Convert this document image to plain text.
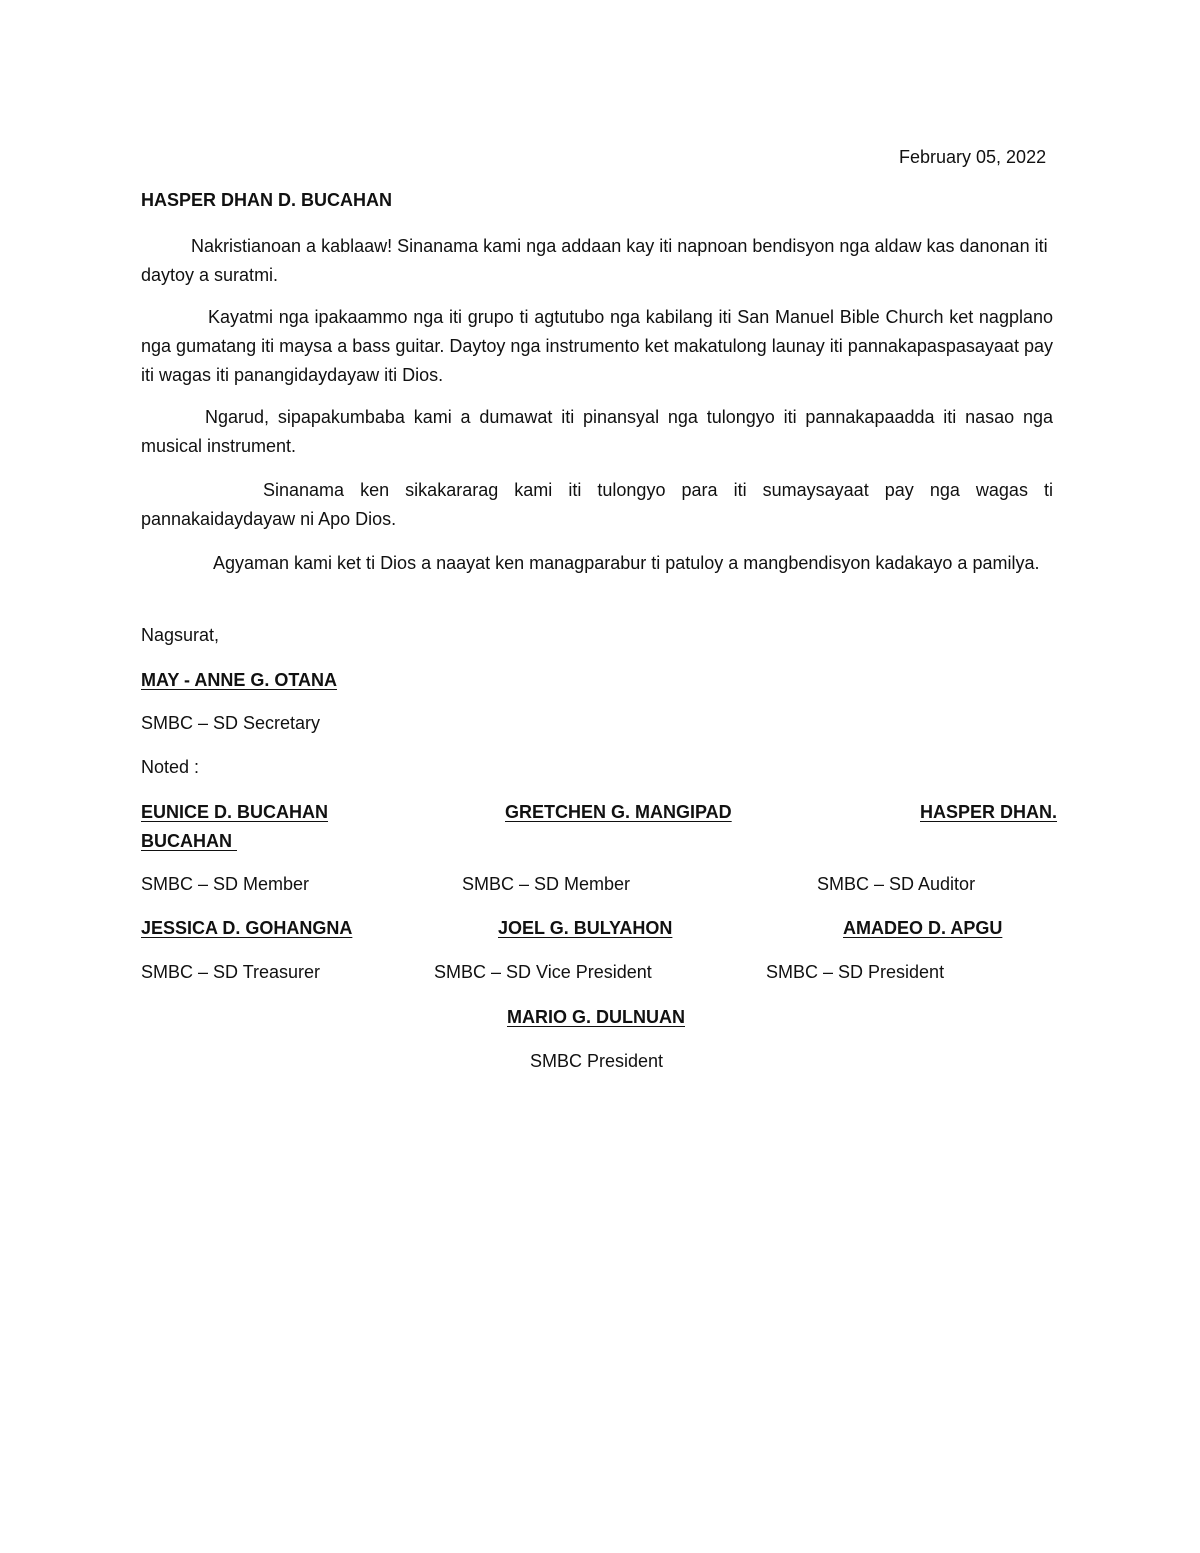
February 05, 2022
HASPER DHAN D. BUCAHAN
Nakristianoan a kablaaw! Sinanama kami nga addaan kay iti napnoan bendisyon nga aldaw kas danonan iti daytoy a suratmi.
Kayatmi nga ipakaammo nga iti grupo ti agtutubo nga kabilang iti San Manuel Bible Church ket nagplano nga gumatang iti maysa a bass guitar. Daytoy nga instrumento ket makatulong launay iti pannakapaspasayaat pay iti wagas iti panangidaydayaw iti Dios.
Ngarud, sipapakumbaba kami a dumawat iti pinansyal nga tulongyo iti pannakapaadda iti nasao nga musical instrument.
Sinanama ken sikakararag kami iti tulongyo para iti sumaysayaat pay nga wagas ti pannakaidaydayaw ni Apo Dios.
Agyaman kami ket ti Dios a naayat ken managparabur ti patuloy a mangbendisyon kadakayo a pamilya.
Nagsurat,
MAY - ANNE G. OTANA
SMBC – SD Secretary
Noted :
EUNICE D. BUCAHAN	GRETCHEN G. MANGIPAD	HASPER DHAN.
BUCAHAN
SMBC – SD Member	SMBC – SD Member	SMBC – SD Auditor
JESSICA D. GOHANGNA	JOEL G. BULYAHON	AMADEO D. APGU
SMBC – SD Treasurer	SMBC – SD Vice President	SMBC – SD President
MARIO G. DULNUAN
SMBC President
